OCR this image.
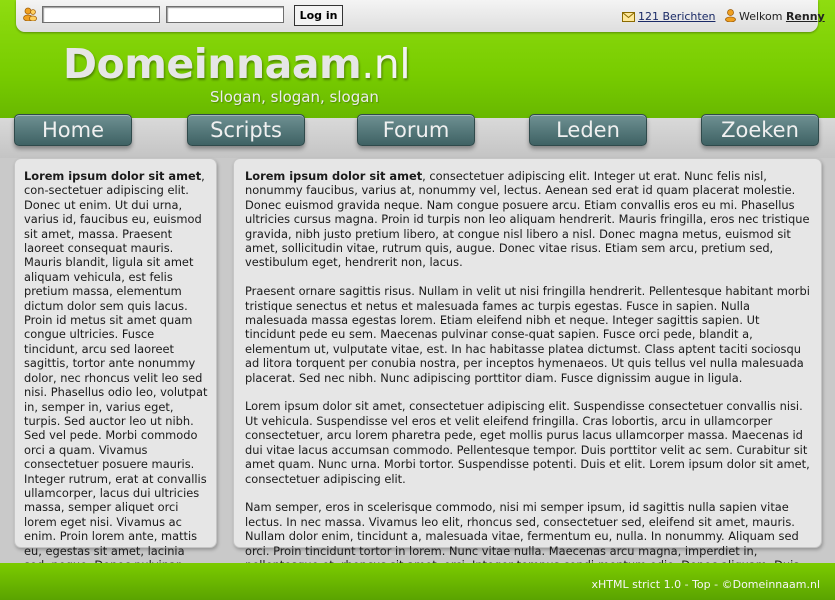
Log in	121 Berichten Welkom Renny
Domeinnaam.nl
Slogan, slogan, slogan
Home	Scripts	Forum	Leden	Zoeken

Lorem ipsum dolor sit amet, con-sectetuer adipiscing elit. Donec ut enim. Ut dui urna, varius id, faucibus eu, euismod sit amet, massa. Praesent laoreet consequat mauris. Mauris blandit, ligula sit amet aliquam vehicula, est felis pretium massa, elementum dictum dolor sem quis lacus. Proin id metus sit amet quam congue ultricies. Fusce tincidunt, arcu sed laoreet sagittis, tortor ante nonummy dolor, nec rhoncus velit leo sed nisi. Phasellus odio leo, volutpat in, semper in, varius eget, turpis. Sed auctor leo ut nibh. Sed vel pede. Morbi commodo orci a quam. Vivamus consectetuer posuere mauris. Integer rutrum, erat at convallis ullamcorper, lacus dui ultricies massa, semper aliquet orci lorem eget nisi. Vivamus ac enim. Proin lorem ante, mattis eu, egestas sit amet, lacinia

Lorem ipsum dolor sit amet, consectetuer adipiscing elit. Integer ut erat. Nunc felis nisl, nonummy faucibus, varius at, nonummy vel, lectus. Aenean sed erat id quam placerat molestie. Donec euismod gravida neque. Nam congue posuere arcu. Etiam convallis eros eu mi. Phasellus ultricies cursus magna. Proin id turpis non leo aliquam hendrerit. Mauris fringilla, eros nec tristique gravida, nibh justo pretium libero, at congue nisl libero a nisl. Donec magna metus, euismod sit amet, sollicitudin vitae, rutrum quis, augue. Donec vitae risus. Etiam sem arcu, pretium sed, vestibulum eget, hendrerit non, lacus.

Praesent ornare sagittis risus. Nullam in velit ut nisi fringilla hendrerit. Pellentesque habitant morbi tristique senectus et netus et malesuada fames ac turpis egestas. Fusce in sapien. Nulla malesuada massa egestas lorem. Etiam eleifend nibh et neque. Integer sagittis sapien. Ut tincidunt pede eu sem. Maecenas pulvinar conse-quat sapien. Fusce orci pede, blandit a, elementum ut, vulputate vitae, est. In hac habitasse platea dictumst. Class aptent taciti sociosqu ad litora torquent per conubia nostra, per inceptos hymenaeos. Ut quis tellus vel nulla malesuada placerat. Sed nec nibh. Nunc adipiscing porttitor diam. Fusce dignissim augue in ligula.

Lorem ipsum dolor sit amet, consectetuer adipiscing elit. Suspendisse consectetuer convallis nisi. Ut vehicula. Suspendisse vel eros et velit eleifend fringilla. Cras lobortis, arcu in ullamcorper consectetuer, arcu lorem pharetra pede, eget mollis purus lacus ullamcorper massa. Maecenas id dui vitae lacus accumsan commodo. Pellentesque tempor. Duis porttitor velit ac sem. Curabitur sit amet quam. Nunc urna. Morbi tortor. Suspendisse potenti. Duis et elit. Lorem ipsum dolor sit amet, consectetuer adipiscing elit.

Nam semper, eros in scelerisque commodo, nisi mi semper ipsum, id sagittis nulla sapien vitae lectus. In nec massa. Vivamus leo elit, rhoncus sed, consectetuer sed, eleifend sit amet, mauris. Nullam dolor enim, tincidunt a, malesuada vitae, fermentum eu, nulla. In nonummy. Aliquam sed orci. Proin tincidunt tortor in lorem. Nunc vitae nulla. Maecenas arcu magna, imperdiet in,

xHTML strict 1.0 - Top - ©Domeinnaam.nl
